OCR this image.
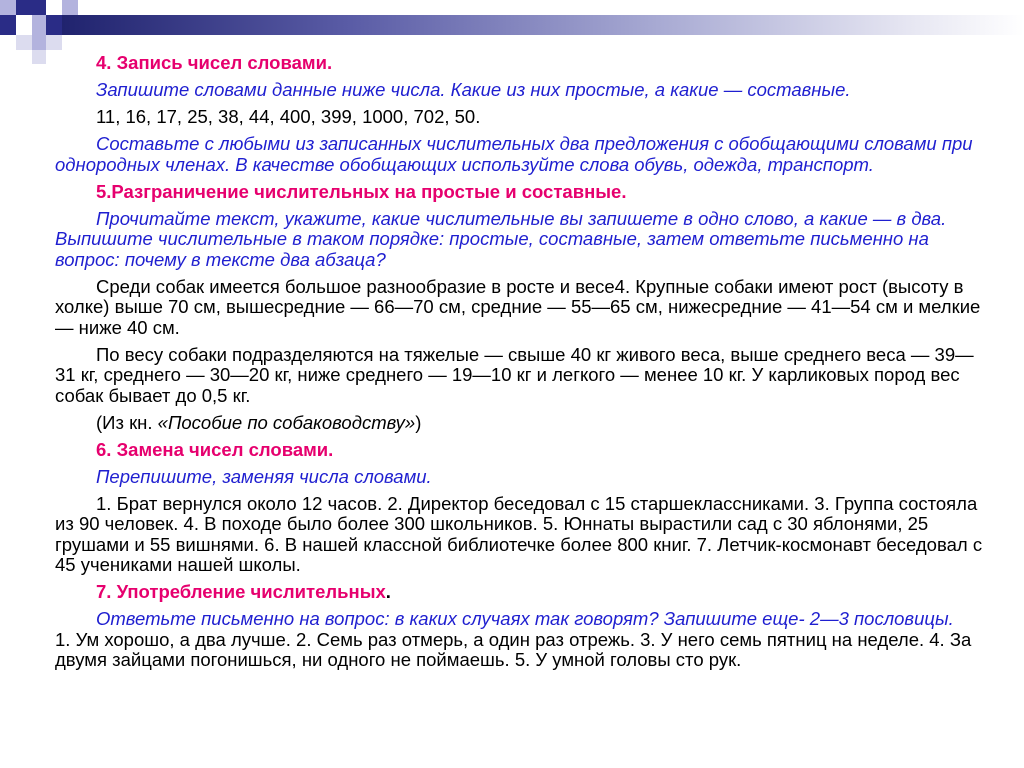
4. Запись чисел словами.

Запишите словами данные ниже числа. Какие из них простые, а какие — составные.

11, 16, 17, 25, 38, 44, 400, 399, 1000, 702, 50.

Составьте с любыми из записанных числительных два предложения с обобщающими словами при однородных членах. В качестве обобщающих используйте слова обувь, одежда, транспорт.

5.Разграничение числительных на простые и составные.

Прочитайте текст, укажите, какие числительные вы запишете в одно слово, а какие — в два. Выпишите числительные в таком порядке: простые, составные, затем ответьте письменно на вопрос: почему в тексте два абзаца?

Среди собак имеется большое разнообразие в росте и весе4. Крупные собаки имеют рост (высоту в холке) выше 70 см, вышесредние — 66—70 см, средние — 55—65 см, нижесредние — 41—54 см и мелкие — ниже 40 см.

По весу собаки подразделяются на тяжелые — свыше 40 кг живого веса, выше среднего веса — 39—31 кг, среднего — 30—20 кг, ниже среднего — 19—10 кг и легкого — менее 10 кг. У карликовых пород вес собак бывает до 0,5 кг.

(Из кн. «Пособие по собаководству»)

6. Замена чисел словами.

Перепишите, заменяя числа словами.

1. Брат вернулся около 12 часов. 2. Директор беседовал с 15 старшеклассниками. 3. Группа состояла из 90 человек. 4. В походе было более 300 школьников. 5. Юннаты вырастили сад с 30 яблонями, 25 грушами и 55 вишнями. 6. В нашей классной библиотечке более 800 книг. 7. Летчик-космонавт беседовал с 45 учениками нашей школы.

7. Употребление числительных.

Ответьте письменно на вопрос: в каких случаях так говорят? Запишите еще- 2—3 пословицы.

1. Ум хорошо, а два лучше. 2. Семь раз отмерь, а один раз отрежь. 3. У него семь пятниц на неделе. 4. За двумя зайцами погонишься, ни одного не поймаешь. 5. У умной головы сто рук.
